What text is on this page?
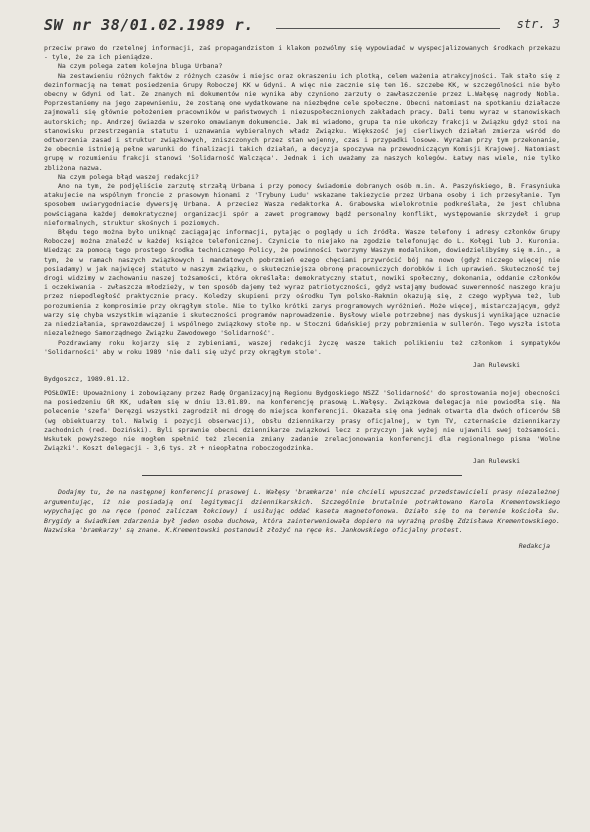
SW nr 38/01.02.1989 r.	str. 3

przeciw prawo do rzetelnej informacji, zaś propagandzistom i klakom pozwólmy się wypowiadać w wyspecjalizowanych środkach przekazu - tyle, że za ich pieniądze.

Na czym polega zatem kolejna bluga Urbana?

Na zestawieniu różnych faktów z różnych czasów i miejsc oraz okraszeniu ich plotką, celem ważenia atrakcyjności. Tak stało się z dezinformacją na temat posiedzenia Grupy Roboczej KK w Gdyni. A więc nie zacznie się ten 16. szczebe KK, w szczególności nie było obecny w Gdyni od lat. Ze znanych mi dokumentów nie wynika aby czyniono zarzuty o zawłaszczenie przez L.Wałęsę nagrody Nobla. Poprzestaniemy na jego zapewnieniu, że zostaną one wydatkowane na niezbędne cele społeczne. Obecni natomiast na spotkaniu działacze zajmowali się głównie położeniem pracowników w państwowych i niezuspołecznionych zakładach pracy. Dali temu wyraz w stanowiskach autorskich; np. Andrzej Gwiazda w szeroko omawianym dokumencie. Jak mi wiadomo, grupa ta nie ukończy frakcji w Związku gdyż stoi na stanowisku przestrzegania statutu i uznawania wybieralnych władz Związku. Większość jej cierliwych działań zmierza wśród do odtworzenia zasad i struktur związkowych, zniszczonych przez stan wojenny, czas i przypadki losowe. Wyrażam przy tym przekonanie, że obecnie istnieją pełne warunki do finalizacji takich działań, a decyzja spoczywa na przewodniczącym Komisji Krajowej. Natomiast grupę w rozumieniu frakcji stanowi 'Solidarność Walcząca'. Jednak i ich uważamy za naszych kolegów. Łatwy nas wiele, nie tylko zbliżona nazwa.

Na czym polega błąd waszej redakcji?

Ano na tym, że podjęliście zarzutę strzałą Urbana i przy pomocy świadomie dobranych osób m.in. A. Paszyńskiego, B. Frasyniuka atakujecie na wspólnym froncie z prasowym hionami z 'Trybuny Ludu' wskazane takiezycie przez Urbana osoby i ich przesyłanie. Tym sposobem uwiarygodniacie dywersję Urbana. A przeciez Wasza redaktorka A. Grabowska wielokrotnie podkreślała, że jest chlubna powściągana każdej demokratycznej organizacji spór a zawet programowy bądź personalny konflikt, występowanie skrzydeł i grup nieformalnych, struktur skośnych i poziomych.

Błędu tego można było uniknąć zaciągając informacji, pytając o poglądy u ich źródła. Wasze telefony i adresy członków Grupy Roboczej można znaleźć w każdej książce telefonicznej. Czynicie to niejako na zgodzie telefonując do L. Kołęgi lub J. Kuronia. Wiedząc za pomocą tego prostego środka technicznego Policy, że powinności tworzymy Waszym modalnikom, dowiedzielibyśmy się m.in., a tym, że w ramach naszych związkowych i mandatowych pobrzmień ezego chęciami przywrócić bój na nowo (gdyż niczego więcej nie posiadamy) w jak najwięcej statuto w naszym związku, o skuteczniejsza obronę pracowniczych dorobków i ich uprawień. Skuteczność tej drogi widzimy w zachowaniu naszej tożsamości, która określała: demokratyczny statut, nowiki społeczny, dokonania, oddanie członków i oczekiwania - zwłaszcza młodzieży, w ten sposób dajemy też wyraz patriotyczności, gdyż wstająmy budować suwerenność naszego kraju przez niepodległość praktycznie pracy. Koledzy skupieni przy ośrodku Tym polsko-Rakmin okazują się, z czego wypływa też, lub porozumienia z komprosimie przy okrągłym stole. Nie to tylko krótki zarys programowych wyróżnień. Może więcej, mistarczającym, gdyż warzy się chyba wszystkim wiązanie i skuteczności programów naprowadzenie. Bysłowy wiele potrzebnej nas dyskusji wynikające uznacie za niedziałania, sprawozdawczej i wspólnego związkowy stołe np. w Stoczni Gdańskiej przy pobrzmienia w sullerón. Tego wyszła istota niezależnego Samorządnego Związku Zawodowego 'Solidarność'.

Pozdrawiamy roku kojarzy się z zybieniami, waszej redakcji życzę wasze takich polikieniu też członkom i sympatyków 'Solidarności' aby w roku 1989 'nie dali się użyć przy okrągłym stole'.

Jan Rulewski
Bydgoszcz, 1989.01.12.

POSŁOWIE: Upoważniony i zobowiązany przez Radę Organizacyjną Regionu Bydgoskiego NSZZ 'Solidarność' do sprostowania mojej obecności na posiedzeniu GR KK, udałem się w dniu 13.01.89. na konferencję prasową L.Wałęsy. Związkowa delegacja nie powiodła się. Na polecenie 'szefa' Deręzgi wszystki zagrodził mi drogę do miejsca konferencji. Okazała się ona jednak otwarta dla dwóch oficerów SB (wg obiektuarzy tol. Nalwig i pozycji obserwacji), obsłu dziennikarzy prasy oficjalnej, w tym TV, czternaście dziennikarzy zachodnich (red. Doziński). Byli sprawnie obecni dziennikarze związkowi lecz z przyczyn jak wyżej nie ujawnili swej tożsamości. Wskutek powyższego nie mogłem spełnić też zlecenia zmiany zadanie zrelacjonowania konferencji dla regionalnego pisma 'Wolne Związki'. Koszt delegacji - 3,6 tys. zł + nieopłatna roboczogodzinka.

Jan Rulewski

Dodajmy tu, że na następnej konferencji prasowej L. Wałęsy 'bramkarze' nie chcieli wpuszczać przedstawicieli prasy niezależnej argumentując, iż nie posiadają oni legitymacji dziennikarskich. Szczególnie brutalnie potraktowano Karola Krementowskiego wypychając go na ręce (ponoć zaliczam łokciowy) i usiłując oddać kaseta magnetofonowa. Działo się to na terenie kościoła św. Brygidy a świadkiem zdarzenia był jeden osoba duchowa, która zainterweniowała dopiero na wyraźną prośbę Zdzisława Krementowskiego. Nazwiska 'bramkarzy' są znane. K.Krementowski postanowił złożyć na ręce ks. Jankowskiego oficjalny protest.

Redakcja
